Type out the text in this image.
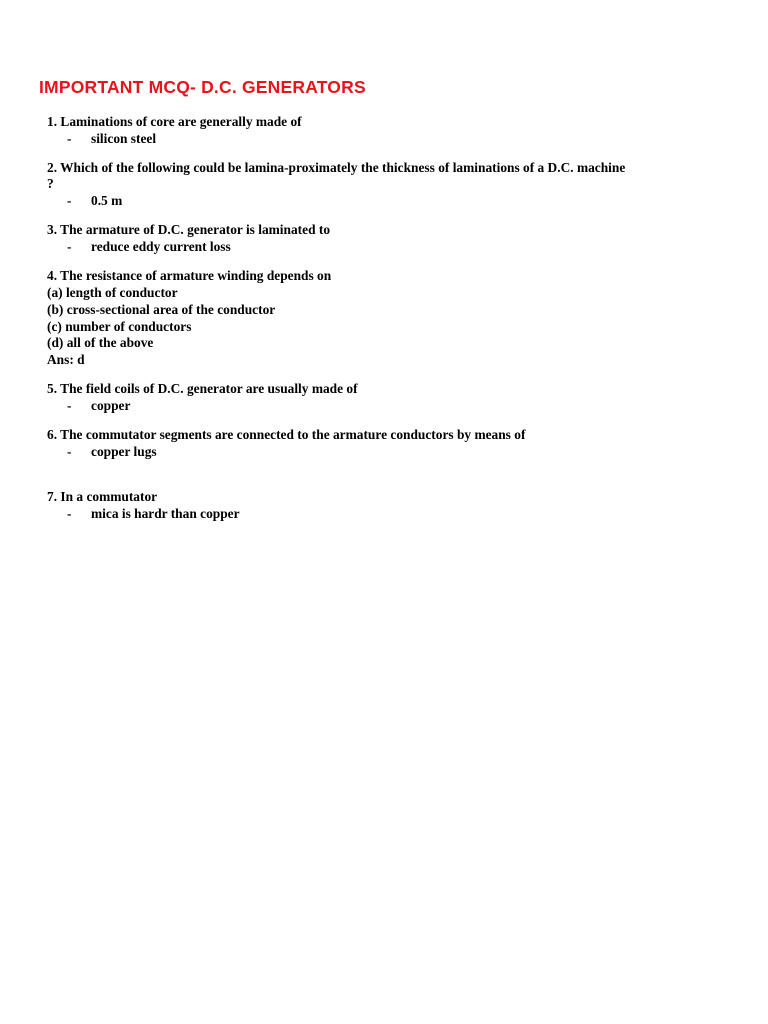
IMPORTANT MCQ- D.C. GENERATORS
1. Laminations of core are generally made of
- silicon steel
2. Which of the following could be lamina-proximately the thickness of laminations of a D.C. machine
?
- 0.5 m
3. The armature of D.C. generator is laminated to
- reduce eddy current loss
4. The resistance of armature winding depends on
(a) length of conductor
(b) cross-sectional area of the conductor
(c) number of conductors
(d) all of the above
Ans: d
5. The field coils of D.C. generator are usually made of
- copper
6. The commutator segments are connected to the armature conductors by means of
- copper lugs
7. In a commutator
- mica is hardr than copper
